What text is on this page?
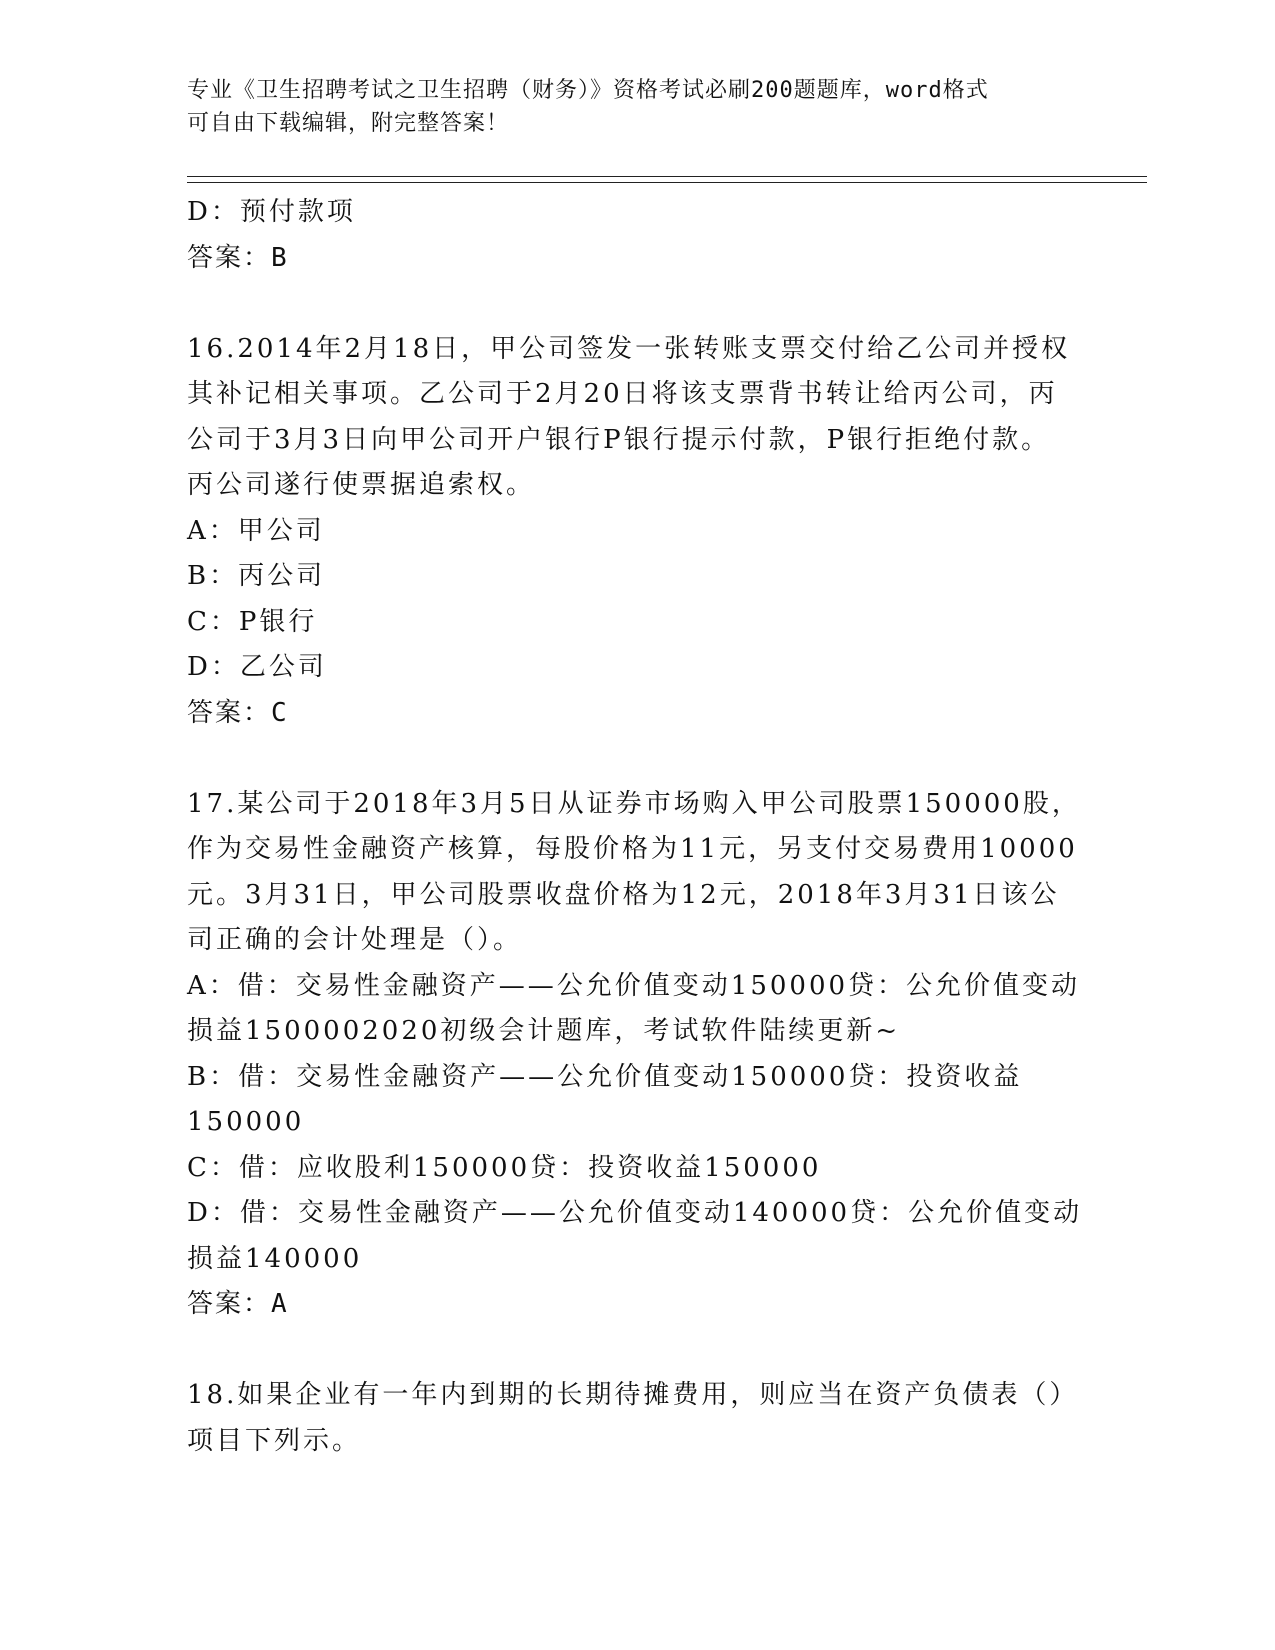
专业《卫生招聘考试之卫生招聘（财务）》资格考试必刷200题题库，word格式
可自由下载编辑，附完整答案！
D：预付款项
答案：B
16.2014年2月18日，甲公司签发一张转账支票交付给乙公司并授权
其补记相关事项。乙公司于2月20日将该支票背书转让给丙公司，丙
公司于3月3日向甲公司开户银行P银行提示付款，P银行拒绝付款。
丙公司遂行使票据追索权。
A：甲公司
B：丙公司
C：P银行
D：乙公司
答案：C
17.某公司于2018年3月5日从证券市场购入甲公司股票150000股，
作为交易性金融资产核算，每股价格为11元，另支付交易费用10000
元。3月31日，甲公司股票收盘价格为12元，2018年3月31日该公
司正确的会计处理是（）。
A：借：交易性金融资产——公允价值变动150000贷：公允价值变动
损益1500002020初级会计题库，考试软件陆续更新~
B：借：交易性金融资产——公允价值变动150000贷：投资收益
150000
C：借：应收股利150000贷：投资收益150000
D：借：交易性金融资产——公允价值变动140000贷：公允价值变动
损益140000
答案：A
18.如果企业有一年内到期的长期待摊费用，则应当在资产负债表（）
项目下列示。
